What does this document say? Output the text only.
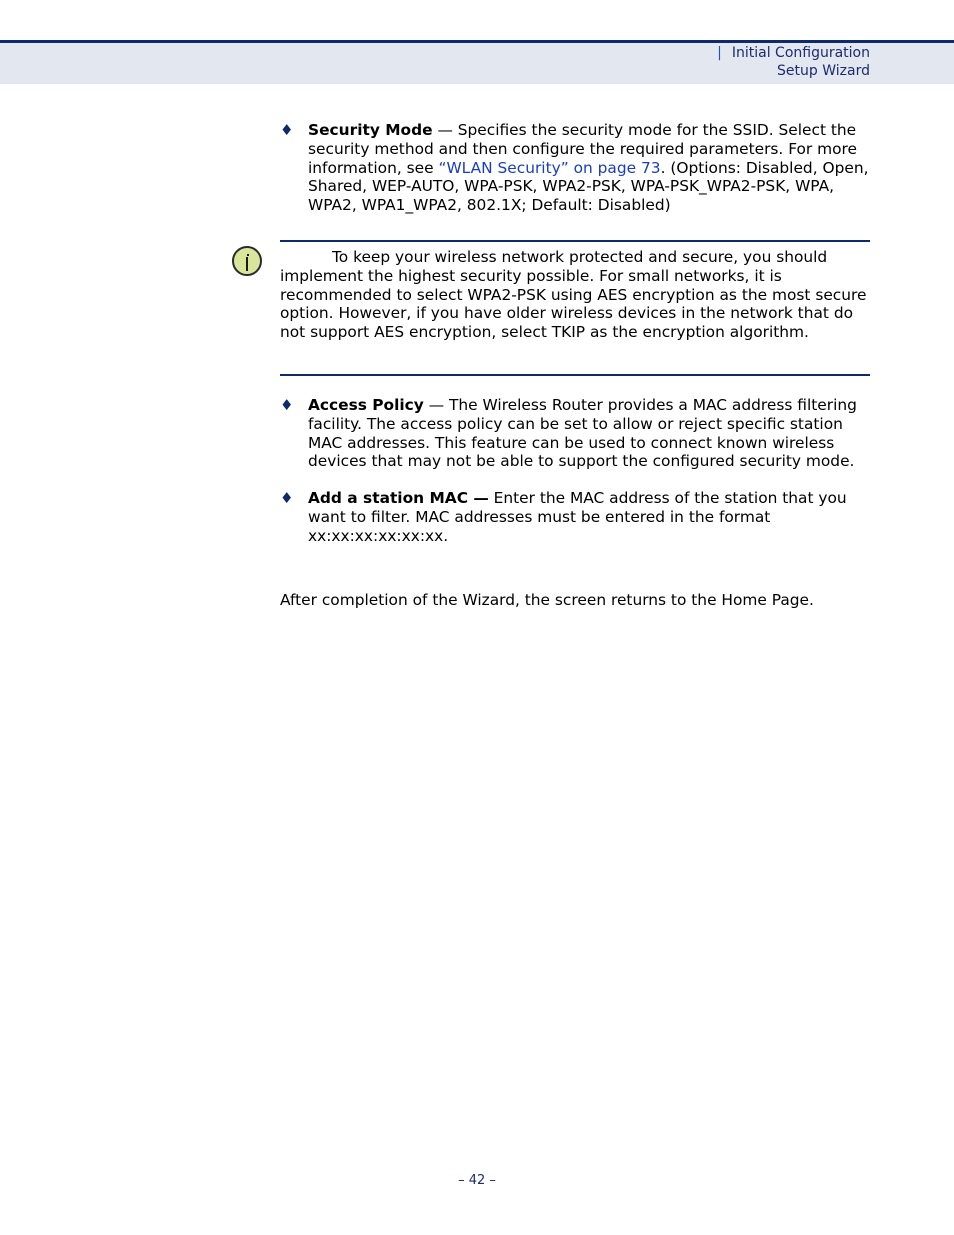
| Initial Configuration
Setup Wizard
♦ Security Mode — Specifies the security mode for the SSID. Select the security method and then configure the required parameters. For more information, see “WLAN Security” on page 73. (Options: Disabled, Open, Shared, WEP-AUTO, WPA-PSK, WPA2-PSK, WPA-PSK_WPA2-PSK, WPA, WPA2, WPA1_WPA2, 802.1X; Default: Disabled)
To keep your wireless network protected and secure, you should implement the highest security possible. For small networks, it is recommended to select WPA2-PSK using AES encryption as the most secure option. However, if you have older wireless devices in the network that do not support AES encryption, select TKIP as the encryption algorithm.
♦ Access Policy — The Wireless Router provides a MAC address filtering facility. The access policy can be set to allow or reject specific station MAC addresses. This feature can be used to connect known wireless devices that may not be able to support the configured security mode.
♦ Add a station MAC — Enter the MAC address of the station that you want to filter. MAC addresses must be entered in the format xx:xx:xx:xx:xx:xx.
After completion of the Wizard, the screen returns to the Home Page.
– 42 –
